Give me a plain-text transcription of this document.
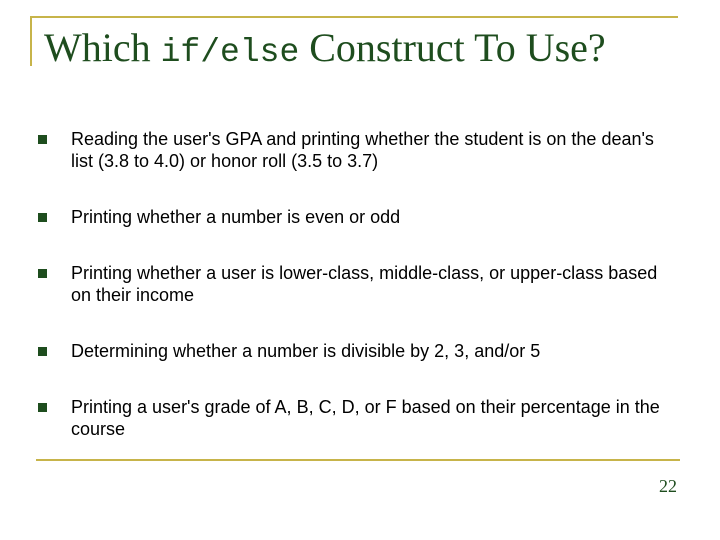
Which if/else Construct To Use?
Reading the user's GPA and printing whether the student is on the dean's list (3.8 to 4.0) or honor roll (3.5 to 3.7)
Printing whether a number is even or odd
Printing whether a user is lower-class, middle-class, or upper-class based on their income
Determining whether a number is divisible by 2, 3, and/or 5
Printing a user's grade of A, B, C, D, or F based on their percentage in the course
22
